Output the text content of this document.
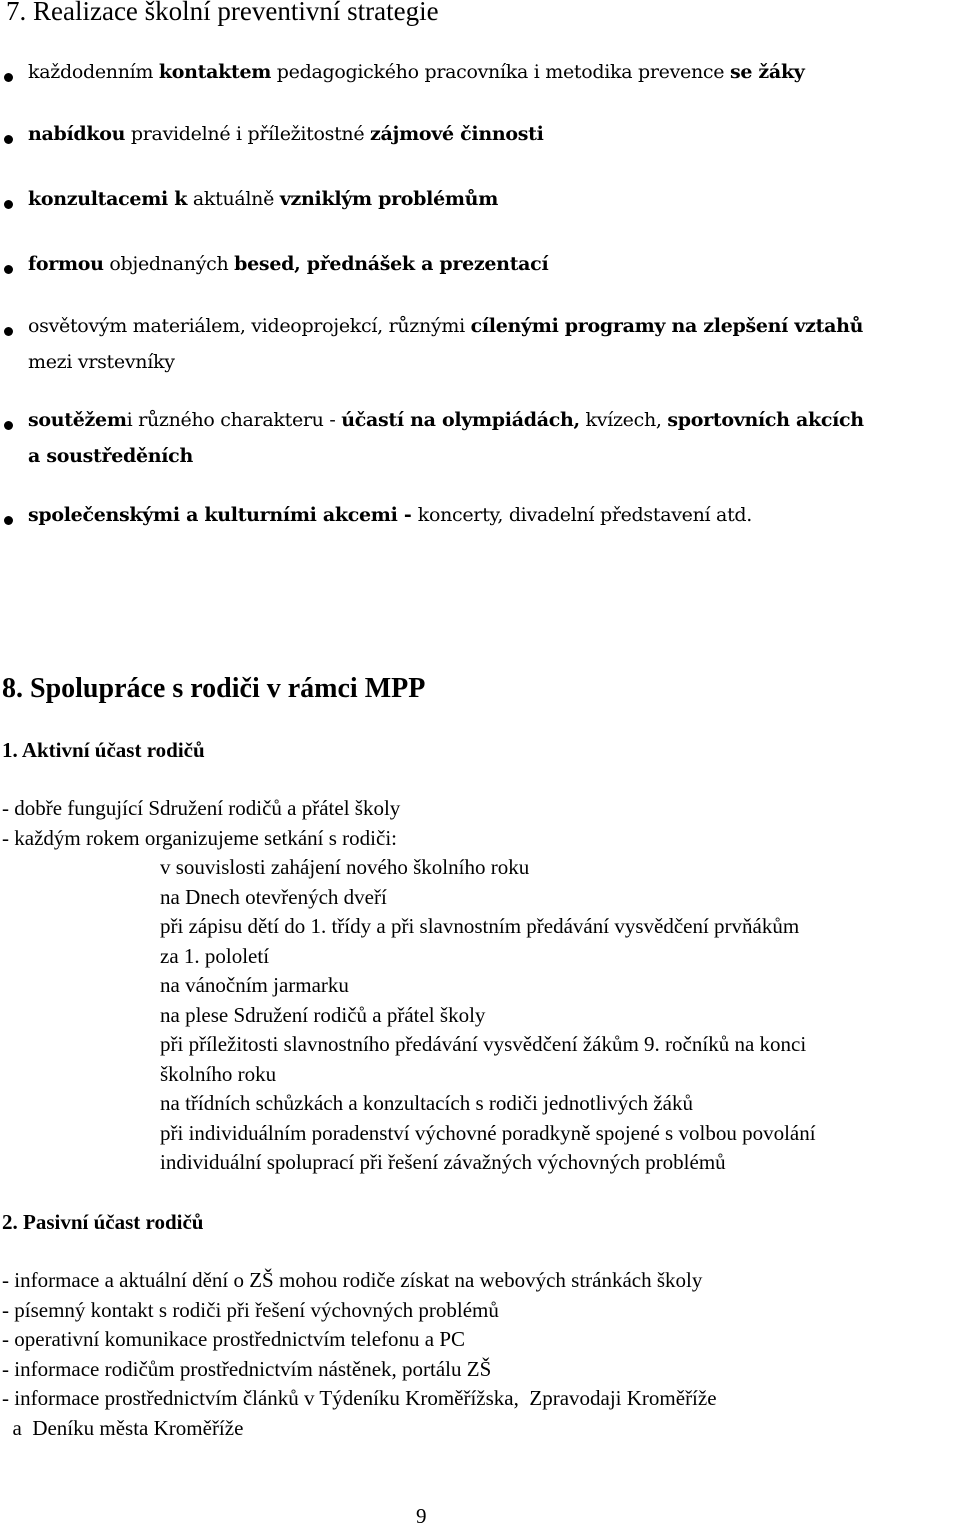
7. Realizace školní preventivní strategie
každodenním kontaktem pedagogického pracovníka i metodika prevence se žáky
nabídkou pravidelné i příležitostné zájmové činnosti
konzultacemi k aktuálně vzniklým problémům
formou objednaných besed, přednášek a prezentací
osvětovým materiálem, videoprojekcí, různými cílenými programy na zlepšení vztahů
mezi vrstevníky
soutěžemi různého charakteru - účastí na olympiádách, kvízech, sportovních akcích
a soustředěních
společenskými a kulturními akcemi - koncerty, divadelní představení atd.
8. Spolupráce s rodiči v rámci MPP
1. Aktivní účast rodičů
- dobře fungující Sdružení rodičů a přátel školy
- každým rokem organizujeme setkání s rodiči:
v souvislosti zahájení nového školního roku
na Dnech otevřených dveří
při zápisu dětí do 1. třídy a při slavnostním předávání vysvědčení prvňákům
za 1. pololetí
na vánočním jarmarku
na plese Sdružení rodičů a přátel školy
při příležitosti slavnostního předávání vysvědčení žákům 9. ročníků na konci
školního roku
na třídních schůzkách a konzultacích s rodiči jednotlivých žáků
při individuálním poradenství výchovné poradkyně spojené s volbou povolání
individuální spoluprací při řešení závažných výchovných problémů
2. Pasivní účast rodičů
- informace a aktuální dění o ZŠ mohou rodiče získat na webových stránkách školy
- písemný kontakt s rodiči při řešení výchovných problémů
- operativní komunikace prostřednictvím telefonu a PC
- informace rodičům prostřednictvím nástěnek, portálu ZŠ
- informace prostřednictvím článků v Týdeníku Kroměřížska,  Zpravodaji Kroměříže
a  Deníku města Kroměříže
9
